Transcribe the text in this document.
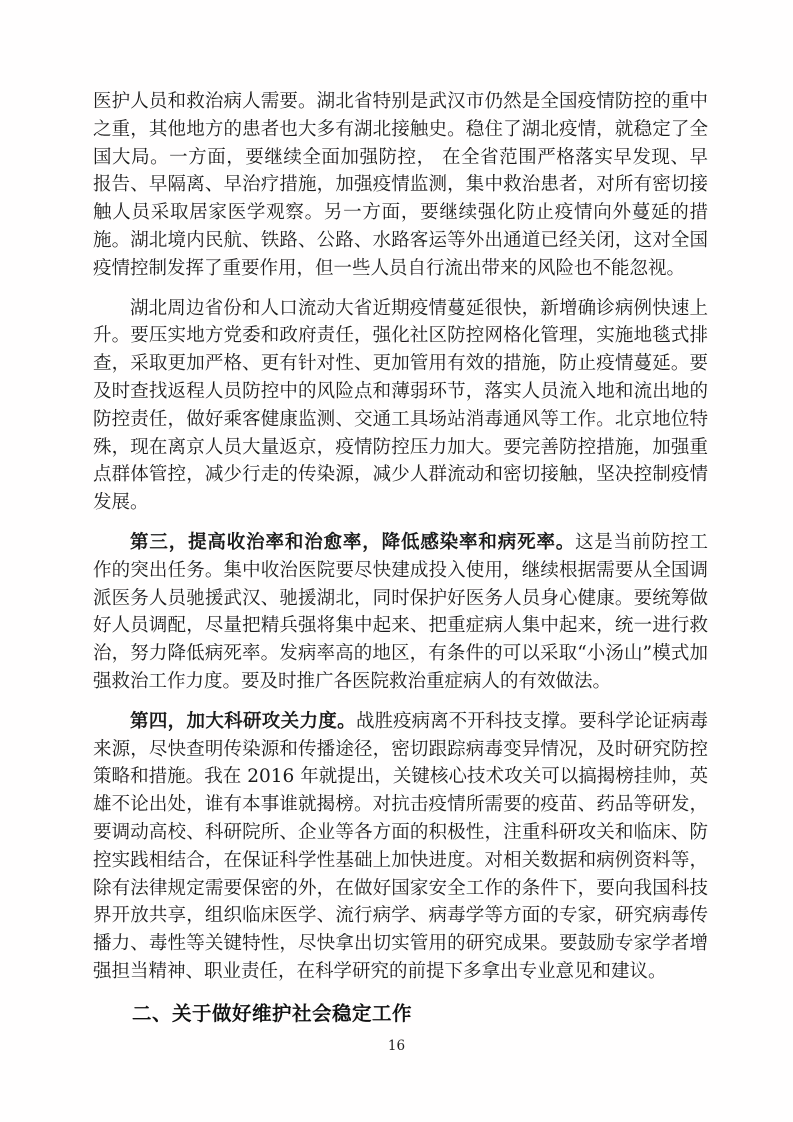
医护人员和救治病人需要。湖北省特别是武汉市仍然是全国疫情防控的重中之重，其他地方的患者也大多有湖北接触史。稳住了湖北疫情，就稳定了全国大局。一方面，要继续全面加强防控， 在全省范围严格落实早发现、早报告、早隔离、早治疗措施，加强疫情监测，集中救治患者，对所有密切接触人员采取居家医学观察。另一方面，要继续强化防止疫情向外蔓延的措施。湖北境内民航、铁路、公路、水路客运等外出通道已经关闭，这对全国疫情控制发挥了重要作用，但一些人员自行流出带来的风险也不能忽视。

湖北周边省份和人口流动大省近期疫情蔓延很快，新增确诊病例快速上升。要压实地方党委和政府责任，强化社区防控网格化管理，实施地毯式排查，采取更加严格、更有针对性、更加管用有效的措施，防止疫情蔓延。要及时查找返程人员防控中的风险点和薄弱环节，落实人员流入地和流出地的防控责任，做好乘客健康监测、交通工具场站消毒通风等工作。北京地位特殊，现在离京人员大量返京，疫情防控压力加大。要完善防控措施，加强重点群体管控，减少行走的传染源，减少人群流动和密切接触，坚决控制疫情发展。

第三，提高收治率和治愈率，降低感染率和病死率。这是当前防控工作的突出任务。集中收治医院要尽快建成投入使用，继续根据需要从全国调派医务人员驰援武汉、驰援湖北，同时保护好医务人员身心健康。要统筹做好人员调配，尽量把精兵强将集中起来、把重症病人集中起来，统一进行救治，努力降低病死率。发病率高的地区，有条件的可以采取“小汤山”模式加强救治工作力度。要及时推广各医院救治重症病人的有效做法。

第四，加大科研攻关力度。战胜疫病离不开科技支撑。要科学论证病毒来源，尽快查明传染源和传播途径，密切跟踪病毒变异情况，及时研究防控策略和措施。我在 2016 年就提出，关键核心技术攻关可以搞揭榜挂帅，英雄不论出处，谁有本事谁就揭榜。对抗击疫情所需要的疫苗、药品等研发，要调动高校、科研院所、企业等各方面的积极性，注重科研攻关和临床、防控实践相结合，在保证科学性基础上加快进度。对相关数据和病例资料等，除有法律规定需要保密的外，在做好国家安全工作的条件下，要向我国科技界开放共享，组织临床医学、流行病学、病毒学等方面的专家，研究病毒传播力、毒性等关键特性，尽快拿出切实管用的研究成果。要鼓励专家学者增强担当精神、职业责任，在科学研究的前提下多拿出专业意见和建议。

二、关于做好维护社会稳定工作
16
